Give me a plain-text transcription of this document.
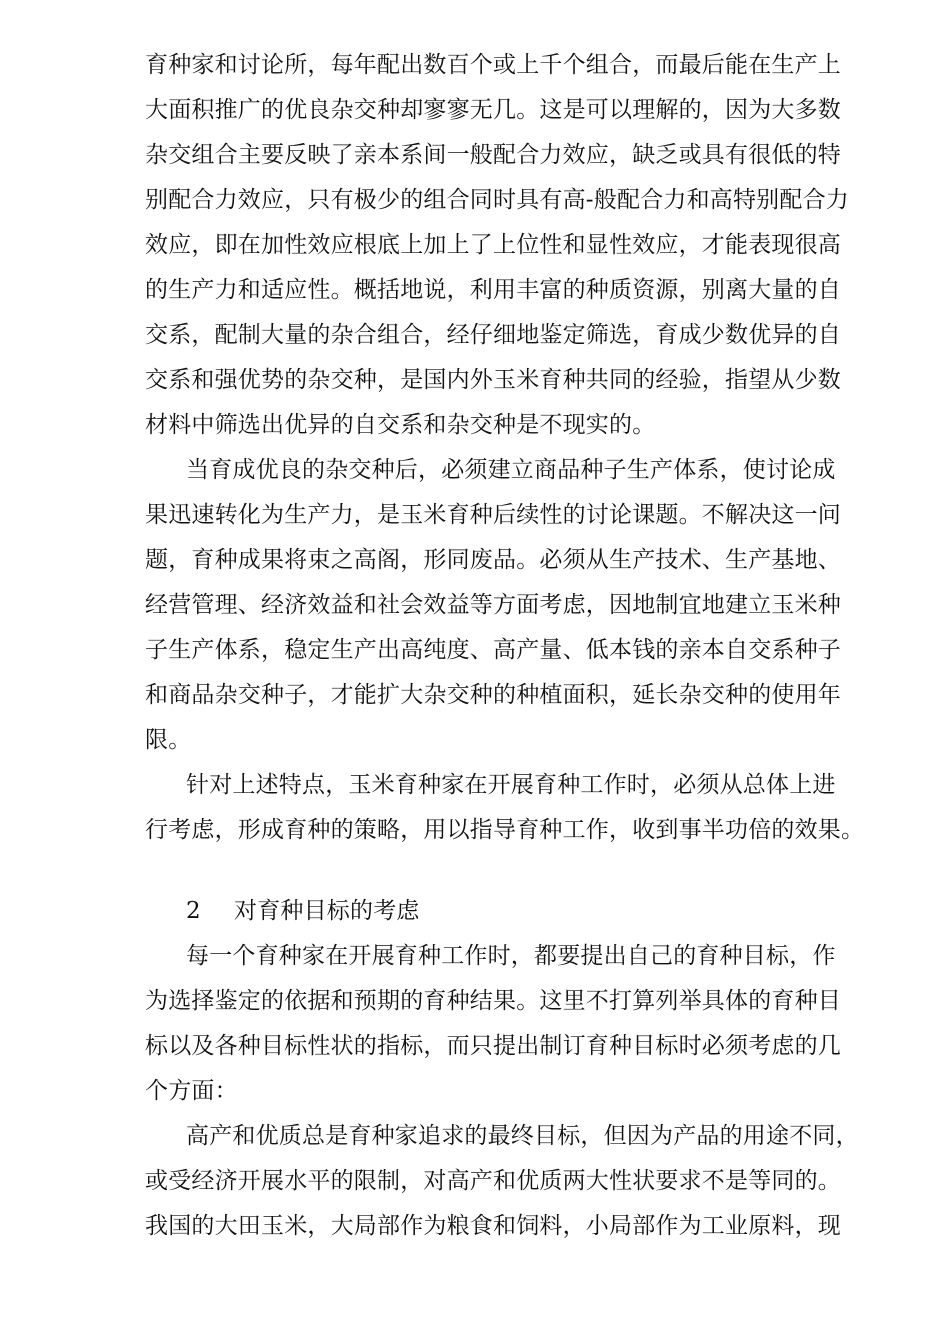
育种家和讨论所，每年配出数百个或上千个组合，而最后能在生产上
大面积推广的优良杂交种却寥寥无几。这是可以理解的，因为大多数
杂交组合主要反映了亲本系间一般配合力效应，缺乏或具有很低的特
别配合力效应，只有极少的组合同时具有高-般配合力和高特别配合力
效应，即在加性效应根底上加上了上位性和显性效应，才能表现很高
的生产力和适应性。概括地说，利用丰富的种质资源，别离大量的自
交系，配制大量的杂合组合，经仔细地鉴定筛选，育成少数优异的自
交系和强优势的杂交种，是国内外玉米育种共同的经验，指望从少数
材料中筛选出优异的自交系和杂交种是不现实的。
当育成优良的杂交种后，必须建立商品种子生产体系，使讨论成
果迅速转化为生产力，是玉米育种后续性的讨论课题。不解决这一问
题，育种成果将束之高阁，形同废品。必须从生产技术、生产基地、
经营管理、经济效益和社会效益等方面考虑，因地制宜地建立玉米种
子生产体系，稳定生产出高纯度、高产量、低本钱的亲本自交系种子
和商品杂交种子，才能扩大杂交种的种植面积，延长杂交种的使用年
限。
针对上述特点，玉米育种家在开展育种工作时，必须从总体上进
行考虑，形成育种的策略，用以指导育种工作，收到事半功倍的效果。
2 对育种目标的考虑
每一个育种家在开展育种工作时，都要提出自己的育种目标，作
为选择鉴定的依据和预期的育种结果。这里不打算列举具体的育种目
标以及各种目标性状的指标，而只提出制订育种目标时必须考虑的几
个方面：
高产和优质总是育种家追求的最终目标，但因为产品的用途不同，
或受经济开展水平的限制，对高产和优质两大性状要求不是等同的。
我国的大田玉米，大局部作为粮食和饲料，小局部作为工业原料，现
